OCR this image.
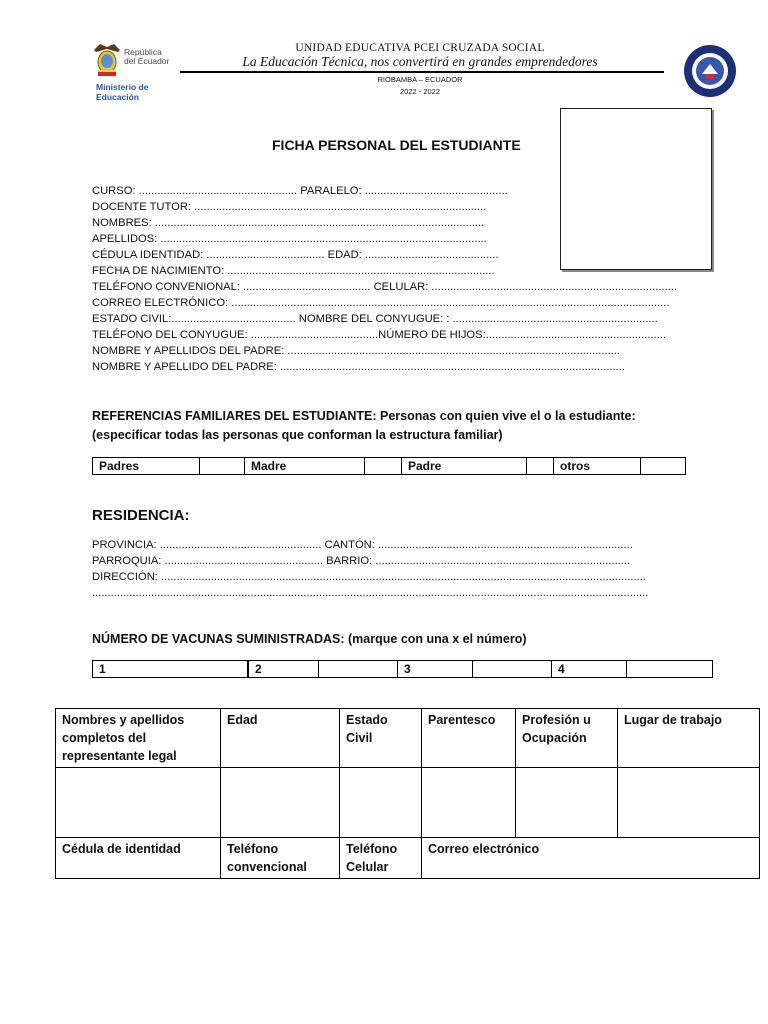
República
del Ecuador
Ministerio de
Educación
UNIDAD EDUCATIVA PCEI CRUZADA SOCIAL
La Educación Técnica, nos convertirá en grandes emprendedores
RIOBAMBA – ECUADOR
2022 - 2022
FICHA PERSONAL DEL ESTUDIANTE
CURSO: ................................................... PARALELO: ..............................................
DOCENTE TUTOR: ..............................................................................................
NOMBRES: ..........................................................................................................
APELLIDOS: .........................................................................................................
CÉDULA IDENTIDAD: ...................................... EDAD: ...........................................
FECHA DE NACIMIENTO: ......................................................................................
TELÉFONO CONVENIONAL: ......................................... CELULAR: ...............................................................................
CORREO ELECTRÓNICO: .............................................................................................................................................
ESTADO CIVIL:........................................ NOMBRE DEL CONYUGUE: : ..................................................................
TELÉFONO DEL CONYUGUE: .........................................NÚMERO DE HIJOS:..........................................................
NOMBRE Y APELLIDOS DEL PADRE: ...........................................................................................................
NOMBRE Y APELLIDO DEL PADRE: ...............................................................................................................
REFERENCIAS FAMILIARES DEL ESTUDIANTE: Personas con quien vive el o la estudiante:
(especificar todas las personas que conforman la estructura familiar)
Padres		Madre		Padre		otros	
RESIDENCIA:
PROVINCIA: .................................................... CANTÓN: ..................................................................................
PARROQUIA: ................................................... BARRIO: ..................................................................................
DIRECCIÓN: ............................................................................................................................................................
...................................................................................................................................................................................
NÚMERO DE VACUNAS SUMINISTRADAS: (marque con una x el número)
1		2		3		4	
Nombres y apellidos completos del representante legal	Edad	Estado Civil	Parentesco	Profesión u Ocupación	Lugar de trabajo

Cédula de identidad	Teléfono convencional	Teléfono Celular	Correo electrónico		
